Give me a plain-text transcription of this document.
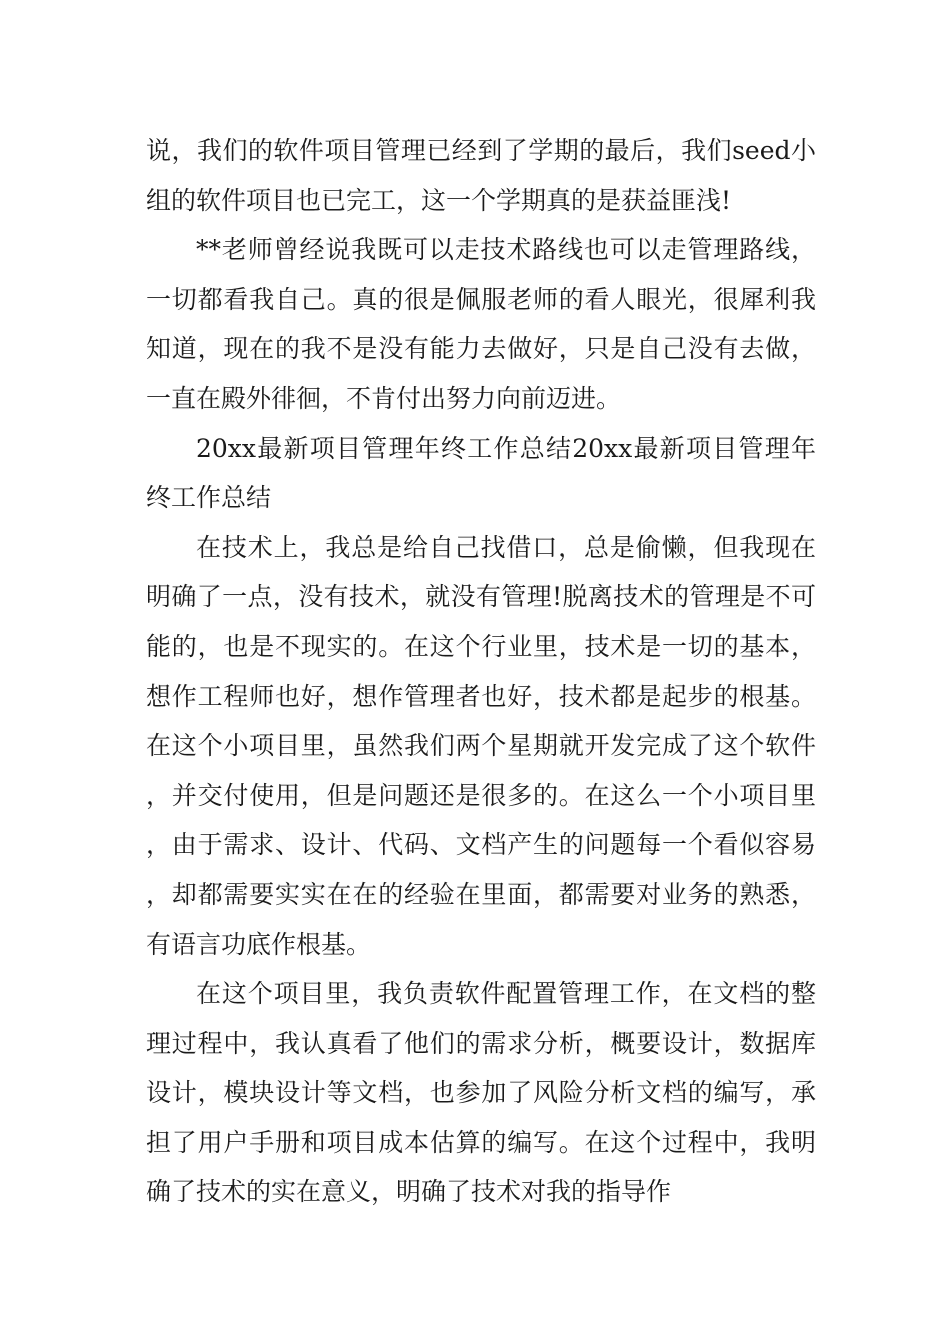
说，我们的软件项目管理已经到了学期的最后，我们seed小组的软件项目也已完工，这一个学期真的是获益匪浅!

**老师曾经说我既可以走技术路线也可以走管理路线，一切都看我自己。真的很是佩服老师的看人眼光，很犀利我知道，现在的我不是没有能力去做好，只是自己没有去做，一直在殿外徘徊，不肯付出努力向前迈进。

20xx最新项目管理年终工作总结20xx最新项目管理年终工作总结

在技术上，我总是给自己找借口，总是偷懒，但我现在明确了一点，没有技术，就没有管理!脱离技术的管理是不可能的，也是不现实的。在这个行业里，技术是一切的基本，想作工程师也好，想作管理者也好，技术都是起步的根基。在这个小项目里，虽然我们两个星期就开发完成了这个软件，并交付使用，但是问题还是很多的。在这么一个小项目里，由于需求、设计、代码、文档产生的问题每一个看似容易，却都需要实实在在的经验在里面，都需要对业务的熟悉，有语言功底作根基。

在这个项目里，我负责软件配置管理工作，在文档的整理过程中，我认真看了他们的需求分析，概要设计，数据库设计，模块设计等文档，也参加了风险分析文档的编写，承担了用户手册和项目成本估算的编写。在这个过程中，我明确了技术的实在意义，明确了技术对我的指导作
